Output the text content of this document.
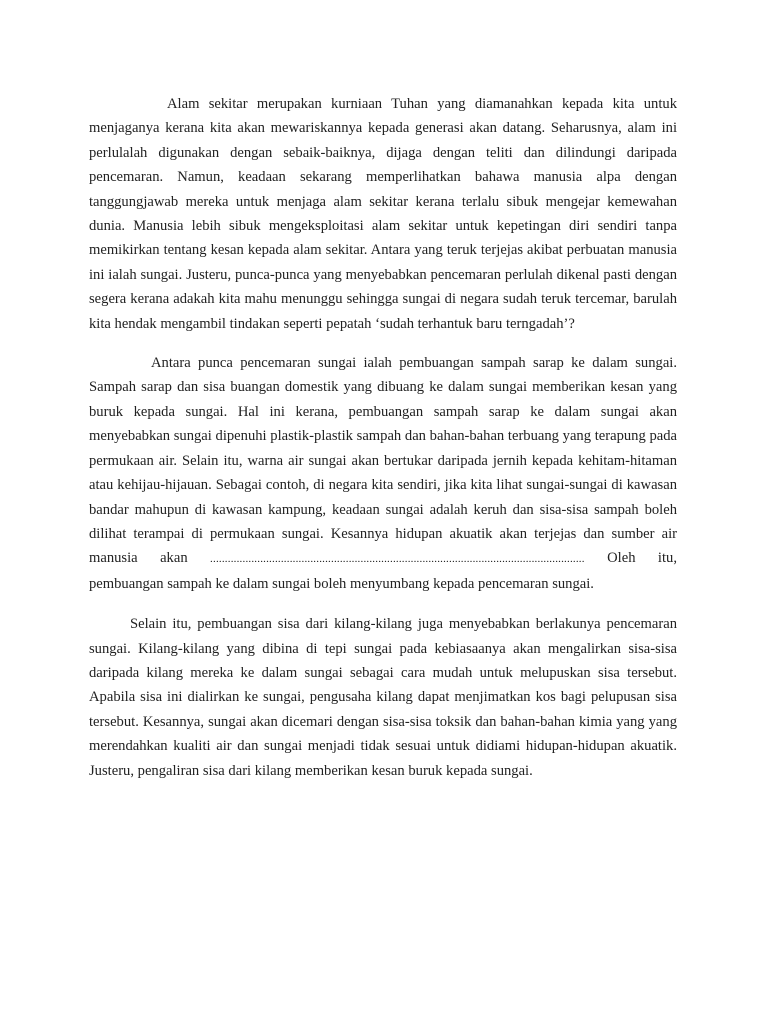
Alam sekitar merupakan kurniaan Tuhan yang diamanahkan kepada kita untuk menjaganya kerana kita akan mewariskannya kepada generasi akan datang. Seharusnya, alam ini perlulalah digunakan dengan sebaik-baiknya, dijaga dengan teliti dan dilindungi daripada pencemaran. Namun, keadaan sekarang memperlihatkan bahawa manusia alpa dengan tanggungjawab mereka untuk menjaga alam sekitar kerana terlalu sibuk mengejar kemewahan dunia. Manusia lebih sibuk mengeksploitasi alam sekitar untuk kepetingan diri sendiri tanpa memikirkan tentang kesan kepada alam sekitar. Antara yang teruk terjejas akibat perbuatan manusia ini ialah sungai. Justeru, punca-punca yang menyebabkan pencemaran perlulah dikenal pasti dengan segera kerana adakah kita mahu menunggu sehingga sungai di negara sudah teruk tercemar, barulah kita hendak mengambil tindakan seperti pepatah ‘sudah terhantuk baru terngadah’?

Antara punca pencemaran sungai ialah pembuangan sampah sarap ke dalam sungai. Sampah sarap dan sisa buangan domestik yang dibuang ke dalam sungai memberikan kesan yang buruk kepada sungai. Hal ini kerana, pembuangan sampah sarap ke dalam sungai akan menyebabkan sungai dipenuhi plastik-plastik sampah dan bahan-bahan terbuang yang terapung pada permukaan air. Selain itu, warna air sungai akan bertukar daripada jernih kepada kehitam-hitaman atau kehijau-hijauan. Sebagai contoh, di negara kita sendiri, jika kita lihat sungai-sungai di kawasan bandar mahupun di kawasan kampung, keadaan sungai adalah keruh dan sisa-sisa sampah boleh dilihat terampai di permukaan sungai. Kesannya hidupan akuatik akan terjejas dan sumber air manusia akan ............................................................................................................................... Oleh itu, pembuangan sampah ke dalam sungai boleh menyumbang kepada pencemaran sungai.

Selain itu, pembuangan sisa dari kilang-kilang juga menyebabkan berlakunya pencemaran sungai. Kilang-kilang yang dibina di tepi sungai pada kebiasaanya akan mengalirkan sisa-sisa daripada kilang mereka ke dalam sungai sebagai cara mudah untuk melupuskan sisa tersebut. Apabila sisa ini dialirkan ke sungai, pengusaha kilang dapat menjimatkan kos bagi pelupusan sisa tersebut. Kesannya, sungai akan dicemari dengan sisa-sisa toksik dan bahan-bahan kimia yang yang merendahkan kualiti air dan sungai menjadi tidak sesuai untuk didiami hidupan-hidupan akuatik. Justeru, pengaliran sisa dari kilang memberikan kesan buruk kepada sungai.
